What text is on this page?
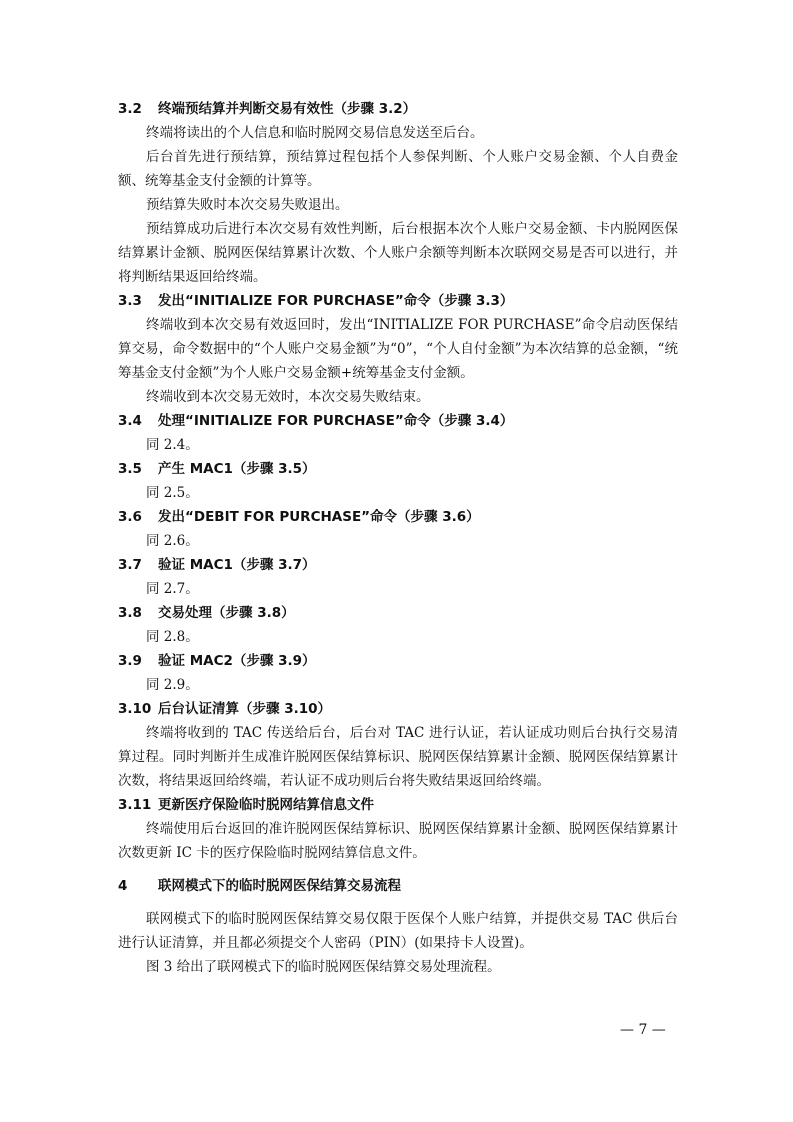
3.2 终端预结算并判断交易有效性（步骤 3.2）

终端将读出的个人信息和临时脱网交易信息发送至后台。

后台首先进行预结算，预结算过程包括个人参保判断、个人账户交易金额、个人自费金额、统筹基金支付金额的计算等。

预结算失败时本次交易失败退出。

预结算成功后进行本次交易有效性判断，后台根据本次个人账户交易金额、卡内脱网医保结算累计金额、脱网医保结算累计次数、个人账户余额等判断本次联网交易是否可以进行，并将判断结果返回给终端。

3.3 发出“INITIALIZE FOR PURCHASE”命令（步骤 3.3）

终端收到本次交易有效返回时，发出“INITIALIZE FOR PURCHASE”命令启动医保结算交易，命令数据中的“个人账户交易金额”为“0”，“个人自付金额”为本次结算的总金额，“统筹基金支付金额”为个人账户交易金额+统筹基金支付金额。

终端收到本次交易无效时，本次交易失败结束。

3.4 处理“INITIALIZE FOR PURCHASE”命令（步骤 3.4）

同 2.4。

3.5 产生 MAC1（步骤 3.5）

同 2.5。

3.6 发出“DEBIT FOR PURCHASE”命令（步骤 3.6）

同 2.6。

3.7 验证 MAC1（步骤 3.7）

同 2.7。

3.8 交易处理（步骤 3.8）

同 2.8。

3.9 验证 MAC2（步骤 3.9）

同 2.9。

3.10 后台认证清算（步骤 3.10）

终端将收到的 TAC 传送给后台，后台对 TAC 进行认证，若认证成功则后台执行交易清算过程。同时判断并生成准许脱网医保结算标识、脱网医保结算累计金额、脱网医保结算累计次数，将结果返回给终端，若认证不成功则后台将失败结果返回给终端。

3.11 更新医疗保险临时脱网结算信息文件

终端使用后台返回的准许脱网医保结算标识、脱网医保结算累计金额、脱网医保结算累计次数更新 IC 卡的医疗保险临时脱网结算信息文件。

4 联网模式下的临时脱网医保结算交易流程

联网模式下的临时脱网医保结算交易仅限于医保个人账户结算，并提供交易 TAC 供后台进行认证清算，并且都必须提交个人密码（PIN）(如果持卡人设置)。

图 3 给出了联网模式下的临时脱网医保结算交易处理流程。

— 7 —
